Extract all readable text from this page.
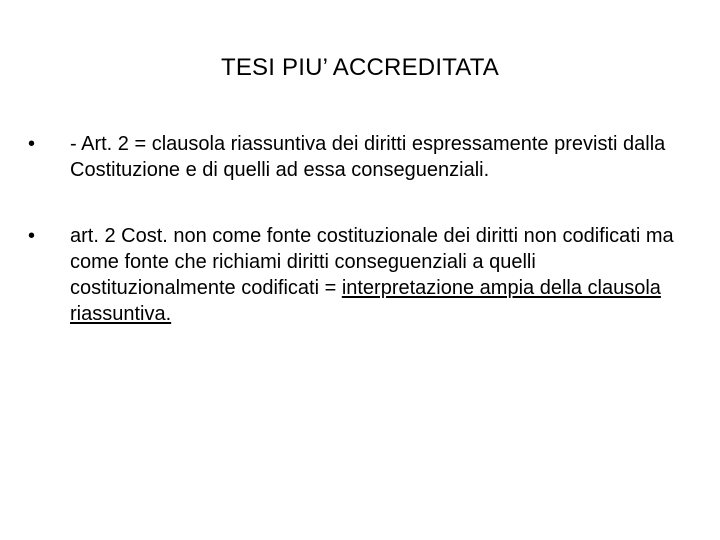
TESI PIU’ ACCREDITATA
•	- Art. 2 = clausola riassuntiva dei diritti espressamente previsti dalla Costituzione e di quelli ad essa conseguenziali.
•	art. 2 Cost. non come fonte costituzionale dei diritti non codificati ma come fonte che richiami diritti conseguenziali a quelli costituzionalmente codificati = interpretazione ampia della clausola riassuntiva.
